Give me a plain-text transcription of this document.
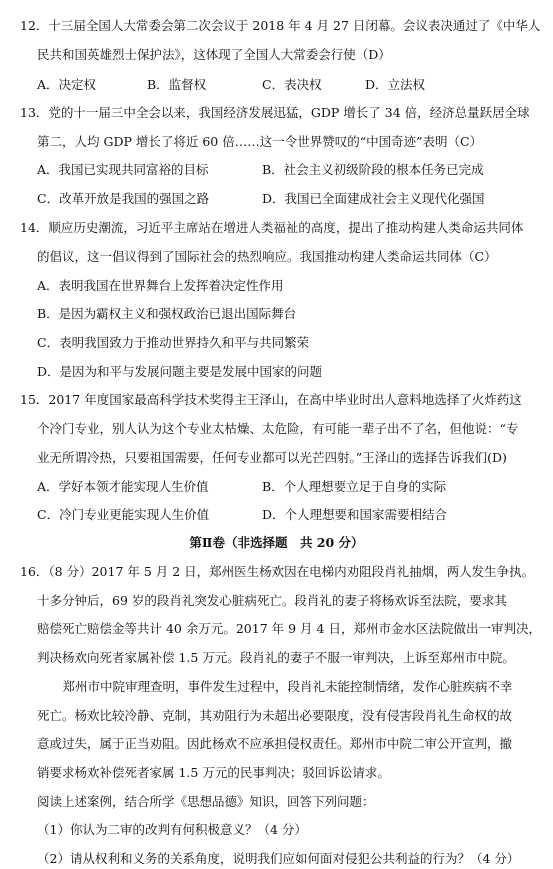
12．十三届全国人大常委会第二次会议于 2018 年 4 月 27 日闭幕。会议表决通过了《中华人
民共和国英雄烈士保护法》，这体现了全国人大常委会行使（D）
A．决定权	B．监督权	C．表决权	D．立法权
13．党的十一届三中全会以来，我国经济发展迅猛，GDP 增长了 34 倍，经济总量跃居全球
第二，人均 GDP 增长了将近 60 倍……这一令世界赞叹的“中国奇迹”表明（C）
A．我国已实现共同富裕的目标	B．社会主义初级阶段的根本任务已完成
C．改革开放是我国的强国之路	D．我国已全面建成社会主义现代化强国
14．顺应历史潮流，习近平主席站在增进人类福祉的高度，提出了推动构建人类命运共同体
的倡议，这一倡议得到了国际社会的热烈响应。我国推动构建人类命运共同体（C）
A．表明我国在世界舞台上发挥着决定性作用
B．是因为霸权主义和强权政治已退出国际舞台
C．表明我国致力于推动世界持久和平与共同繁荣
D．是因为和平与发展问题主要是发展中国家的问题
15．2017 年度国家最高科学技术奖得主王泽山，在高中毕业时出人意料地选择了火炸药这
个冷门专业，别人认为这个专业太枯燥、太危险，有可能一辈子出不了名，但他说：“专
业无所谓冷热，只要祖国需要，任何专业都可以光芒四射。”王泽山的选择告诉我们(D)
A．学好本领才能实现人生价值	B．个人理想要立足于自身的实际
C．冷门专业更能实现人生价值	D．个人理想要和国家需要相结合
第Ⅱ卷（非选择题　共 20 分）
16．（8 分）2017 年 5 月 2 日，郑州医生杨欢因在电梯内劝阻段肖礼抽烟，两人发生争执。
十多分钟后，69 岁的段肖礼突发心脏病死亡。段肖礼的妻子将杨欢诉至法院，要求其
赔偿死亡赔偿金等共计 40 余万元。2017 年 9 月 4 日，郑州市金水区法院做出一审判决，
判决杨欢向死者家属补偿 1.5 万元。段肖礼的妻子不服一审判决，上诉至郑州市中院。
　郑州市中院审理查明，事件发生过程中，段肖礼未能控制情绪，发作心脏疾病不幸
死亡。杨欢比较冷静、克制，其劝阻行为未超出必要限度，没有侵害段肖礼生命权的故
意或过失，属于正当劝阻。因此杨欢不应承担侵权责任。郑州市中院二审公开宣判，撤
销要求杨欢补偿死者家属 1.5 万元的民事判决；驳回诉讼请求。
阅读上述案例，结合所学《思想品德》知识，回答下列问题：
（1）你认为二审的改判有何积极意义？（4 分）
（2）请从权利和义务的关系角度，说明我们应如何面对侵犯公共利益的行为？（4 分）
